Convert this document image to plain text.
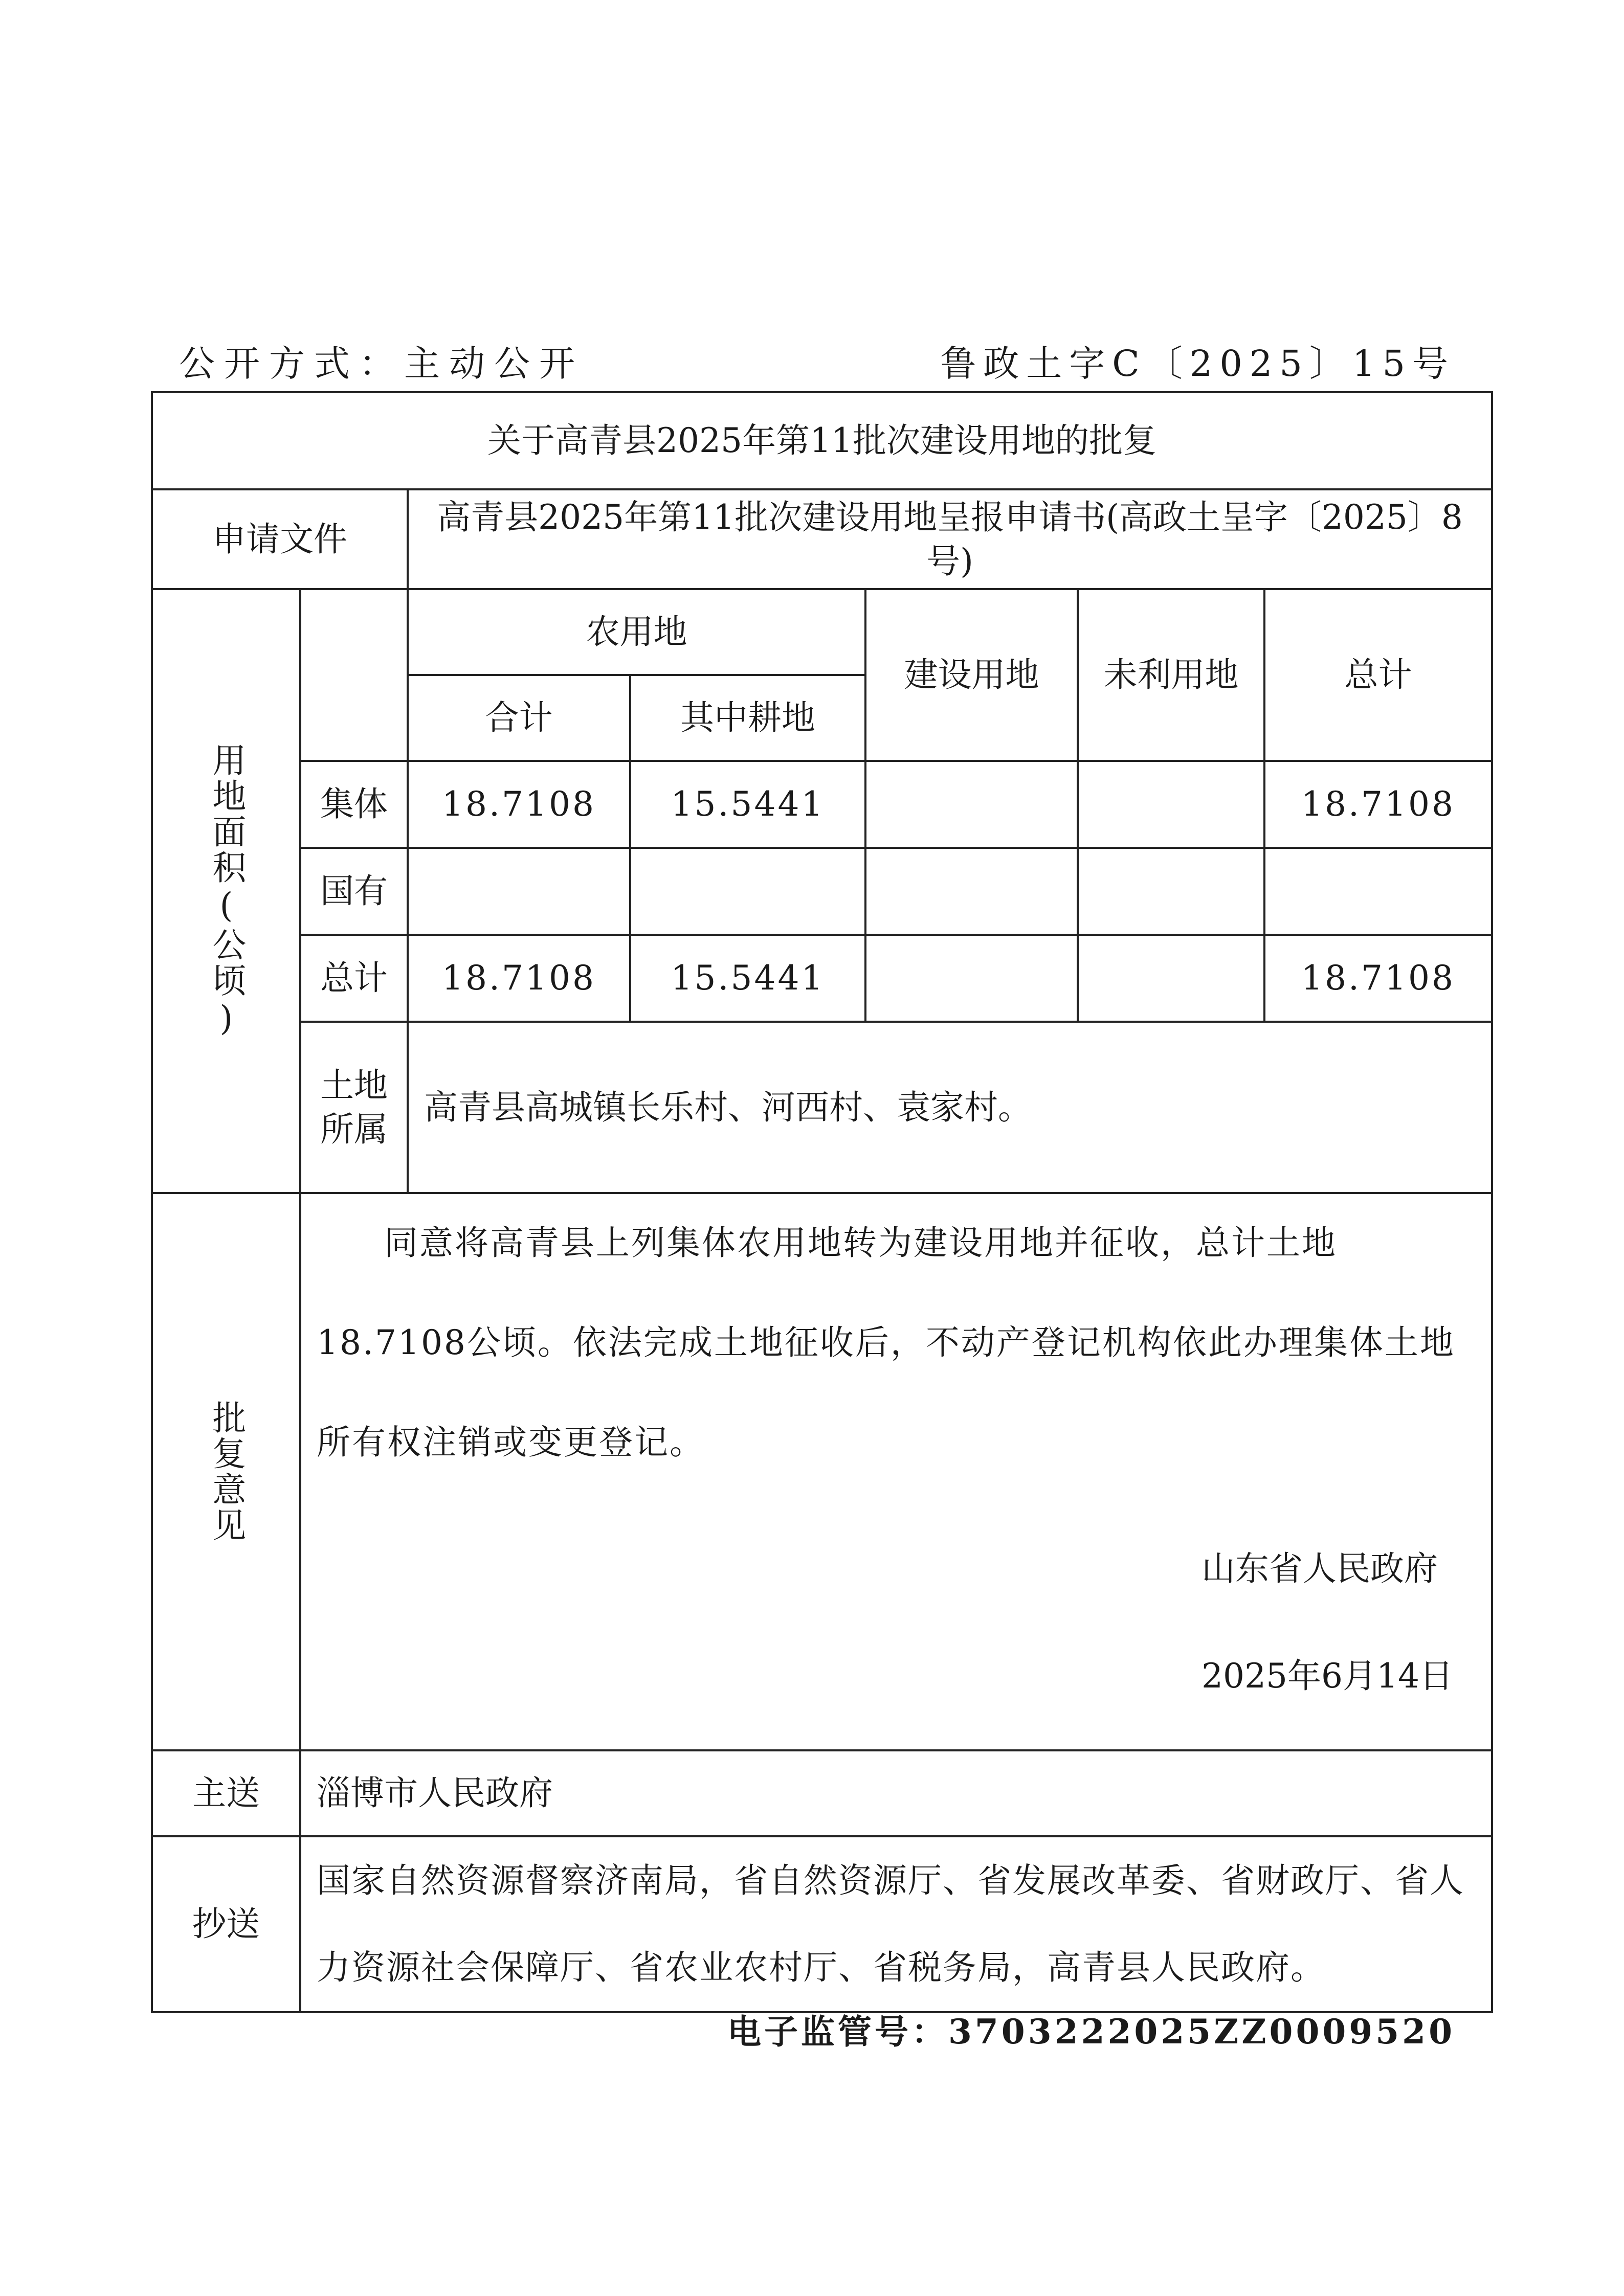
公开方式：主动公开	鲁政土字C〔2025〕15号
关于高青县2025年第11批次建设用地的批复						
申请文件		高青县2025年第11批次建设用地呈报申请书(高政土呈字〔2025〕8号)				

用地面积(公顷)		农用地		建设用地	未利用地	总计
		合计	其中耕地			
	集体	18.7108	15.5441			18.7108
	国有					
	总计	18.7108	15.5441			18.7108
	土地所属	高青县高城镇长乐村、河西村、袁家村。				

批复意见	同意将高青县上列集体农用地转为建设用地并征收，总计土地18.7108公顷。依法完成土地征收后，不动产登记机构依此办理集体土地所有权注销或变更登记。
山东省人民政府
2025年6月14日					

主送	淄博市人民政府					
抄送	国家自然资源督察济南局，省自然资源厅、省发展改革委、省财政厅、省人力资源社会保障厅、省农业农村厅、省税务局，高青县人民政府。					
电子监管号：3703222025ZZ0009520
